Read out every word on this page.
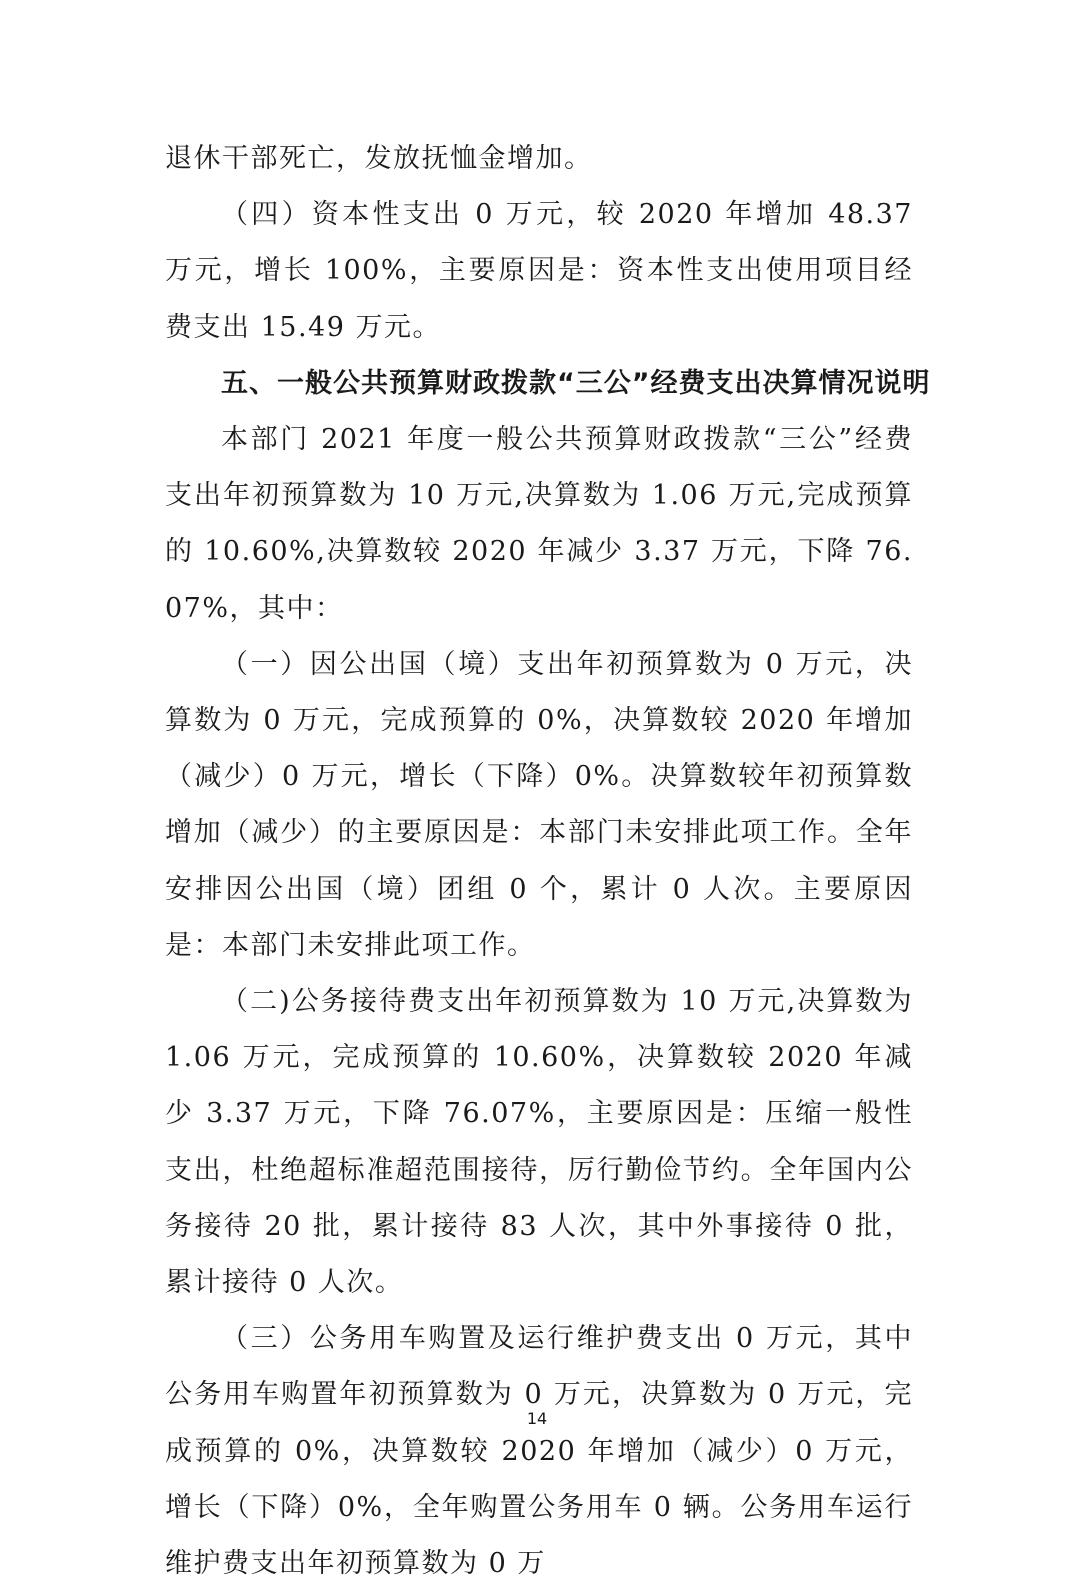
退休干部死亡，发放抚恤金增加。

（四）资本性支出 0 万元，较 2020 年增加 48.37 万元，增长 100%，主要原因是：资本性支出使用项目经费支出 15.49 万元。

五、一般公共预算财政拨款“三公”经费支出决算情况说明

本部门 2021 年度一般公共预算财政拨款“三公”经费支出年初预算数为 10 万元,决算数为 1.06 万元,完成预算的 10.60%,决算数较 2020 年减少 3.37 万元，下降 76.07%，其中：

（一）因公出国（境）支出年初预算数为 0 万元，决算数为 0 万元，完成预算的 0%，决算数较 2020 年增加（减少）0 万元，增长（下降）0%。决算数较年初预算数增加（减少）的主要原因是：本部门未安排此项工作。全年安排因公出国（境）团组 0 个，累计 0 人次。主要原因是：本部门未安排此项工作。

（二)公务接待费支出年初预算数为 10 万元,决算数为 1.06 万元，完成预算的 10.60%，决算数较 2020 年减少 3.37 万元，下降 76.07%，主要原因是：压缩一般性支出，杜绝超标准超范围接待，厉行勤俭节约。全年国内公务接待 20 批，累计接待 83 人次，其中外事接待 0 批，累计接待 0 人次。

（三）公务用车购置及运行维护费支出 0 万元，其中公务用车购置年初预算数为 0 万元，决算数为 0 万元，完成预算的 0%，决算数较 2020 年增加（减少）0 万元，增长（下降）0%，全年购置公务用车 0 辆。公务用车运行维护费支出年初预算数为 0 万

14
